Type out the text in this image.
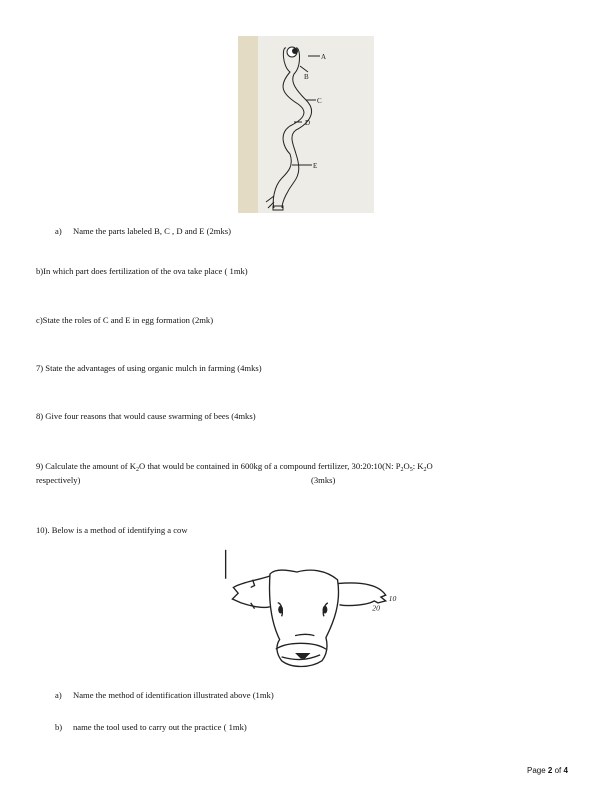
A
B
C
D
E
a) Name the parts labeled B, C , D and E (2mks)
b)In which part does fertilization of the ova take place ( 1mk)
c)State the roles of C and E in egg formation (2mk)
7) State the advantages of using organic mulch in farming (4mks)
8) Give four reasons that would cause swarming of bees (4mks)
9) Calculate the amount of $K_2O$ that would be contained in 600kg of a compound fertilizer, 30:20:10(N: $P_2O_5$: $K_2O$
respectively)	(3mks)
10). Below is a method of identifying a cow
10
20
a) Name the method of identification illustrated above (1mk)
b) name the tool used to carry out the practice ( 1mk)
Page 2 of 4
